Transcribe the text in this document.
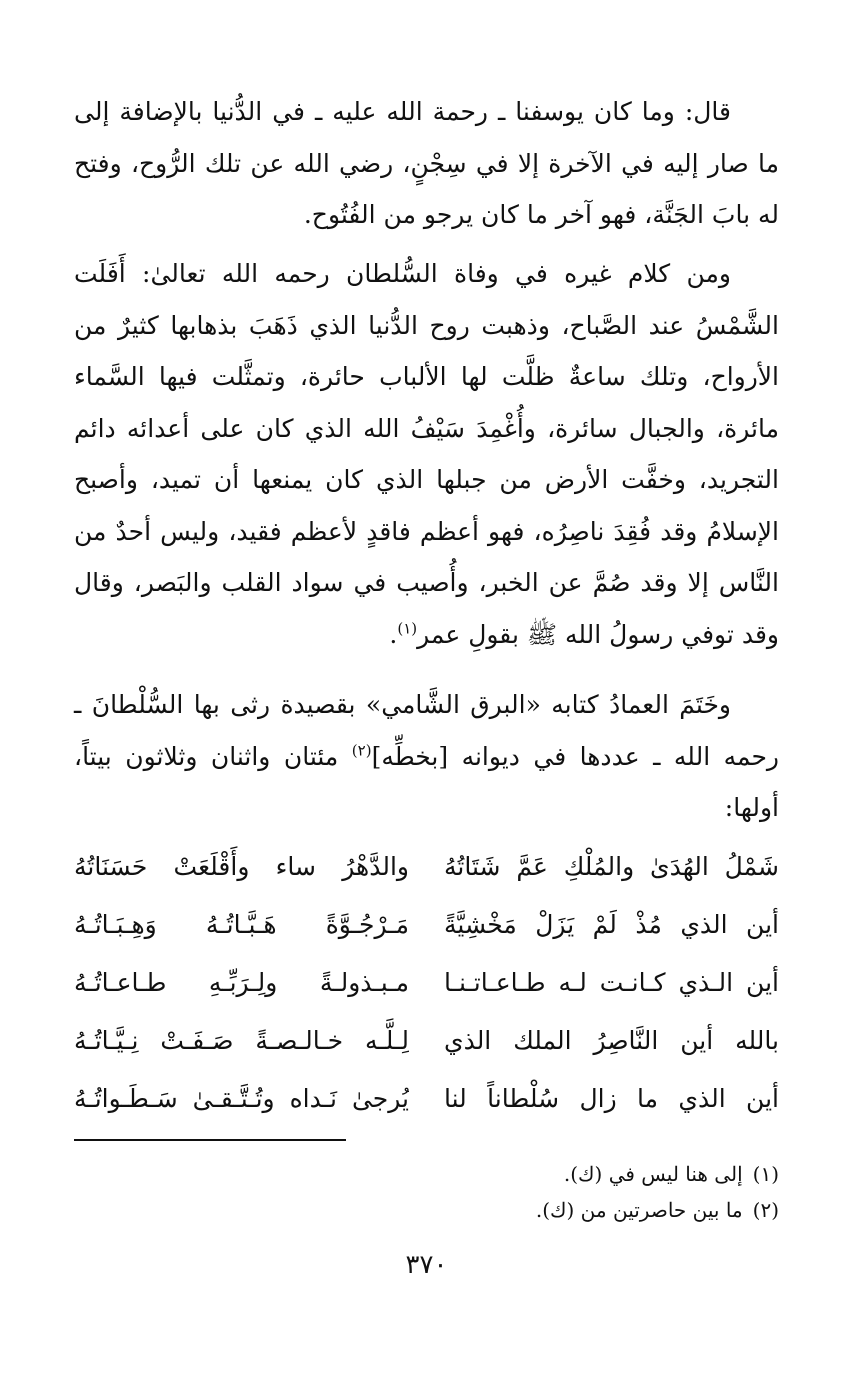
قال: وما كان يوسفنا ـ رحمة الله عليه ـ في الدُّنيا بالإضافة إلى ما صار إليه في الآخرة إلا في سِجْنٍ، رضي الله عن تلك الرُّوح، وفتح له بابَ الجَنَّة، فهو آخر ما كان يرجو من الفُتُوح.

ومن كلام غيره في وفاة السُّلطان رحمه الله تعالىٰ: أَفَلَت الشَّمْسُ عند الصَّباح، وذهبت روح الدُّنيا الذي ذَهَبَ بذهابها كثيرٌ من الأرواح، وتلك ساعةٌ ظلَّت لها الألباب حائرة، وتمثَّلت فيها السَّماء مائرة، والجبال سائرة، وأُغْمِدَ سَيْفُ الله الذي كان على أعدائه دائم التجريد، وخفَّت الأرض من جبلها الذي كان يمنعها أن تميد، وأصبح الإسلامُ وقد فُقِدَ ناصِرُه، فهو أعظم فاقدٍ لأعظم فقيد، وليس أحدٌ من النَّاس إلا وقد صُمَّ عن الخبر، وأُصيب في سواد القلب والبَصر، وقال وقد توفي رسولُ الله ﷺ بقولِ عمر$^{(١)}$.

وخَتَمَ العمادُ كتابه «البرق الشَّامي» بقصيدة رثى بها السُّلْطانَ ـ رحمه الله ـ عددها في ديوانه [بخطِّه]$^{(٢)}$ مئتان واثنان وثلاثون بيتاً، أولها:

شَمْلُ الهُدَىٰ والمُلْكِ عَمَّ شَتَاتُهُ
والدَّهْرُ ساء وأَقْلَعَتْ حَسَنَاتُهُ
أين الذي مُذْ لَمْ يَزَلْ مَخْشِيَّةً
مَـرْجُـوَّةً هَـبَّـاتُـهُ وَهِـبَـاتُـهُ
أين الـذي كـانـت لـه طـاعـاتـنـا
مـبـذولـةً ولِـرَبِّـهِ طـاعـاتُـهُ
بالله أين النَّاصِرُ الملك الذي
لِـلَّـه خـالـصـةً صَـفَـتْ نِـيَّـاتُـهُ
أين الذي ما زال سُلْطاناً لنا
يُرجىٰ نَـداه وتُـتَّـقـىٰ سَـطَـواتُـهُ
(١)إلى هنا ليس في (ك).
(٢)ما بين حاصرتين من (ك).
٣٧٠
